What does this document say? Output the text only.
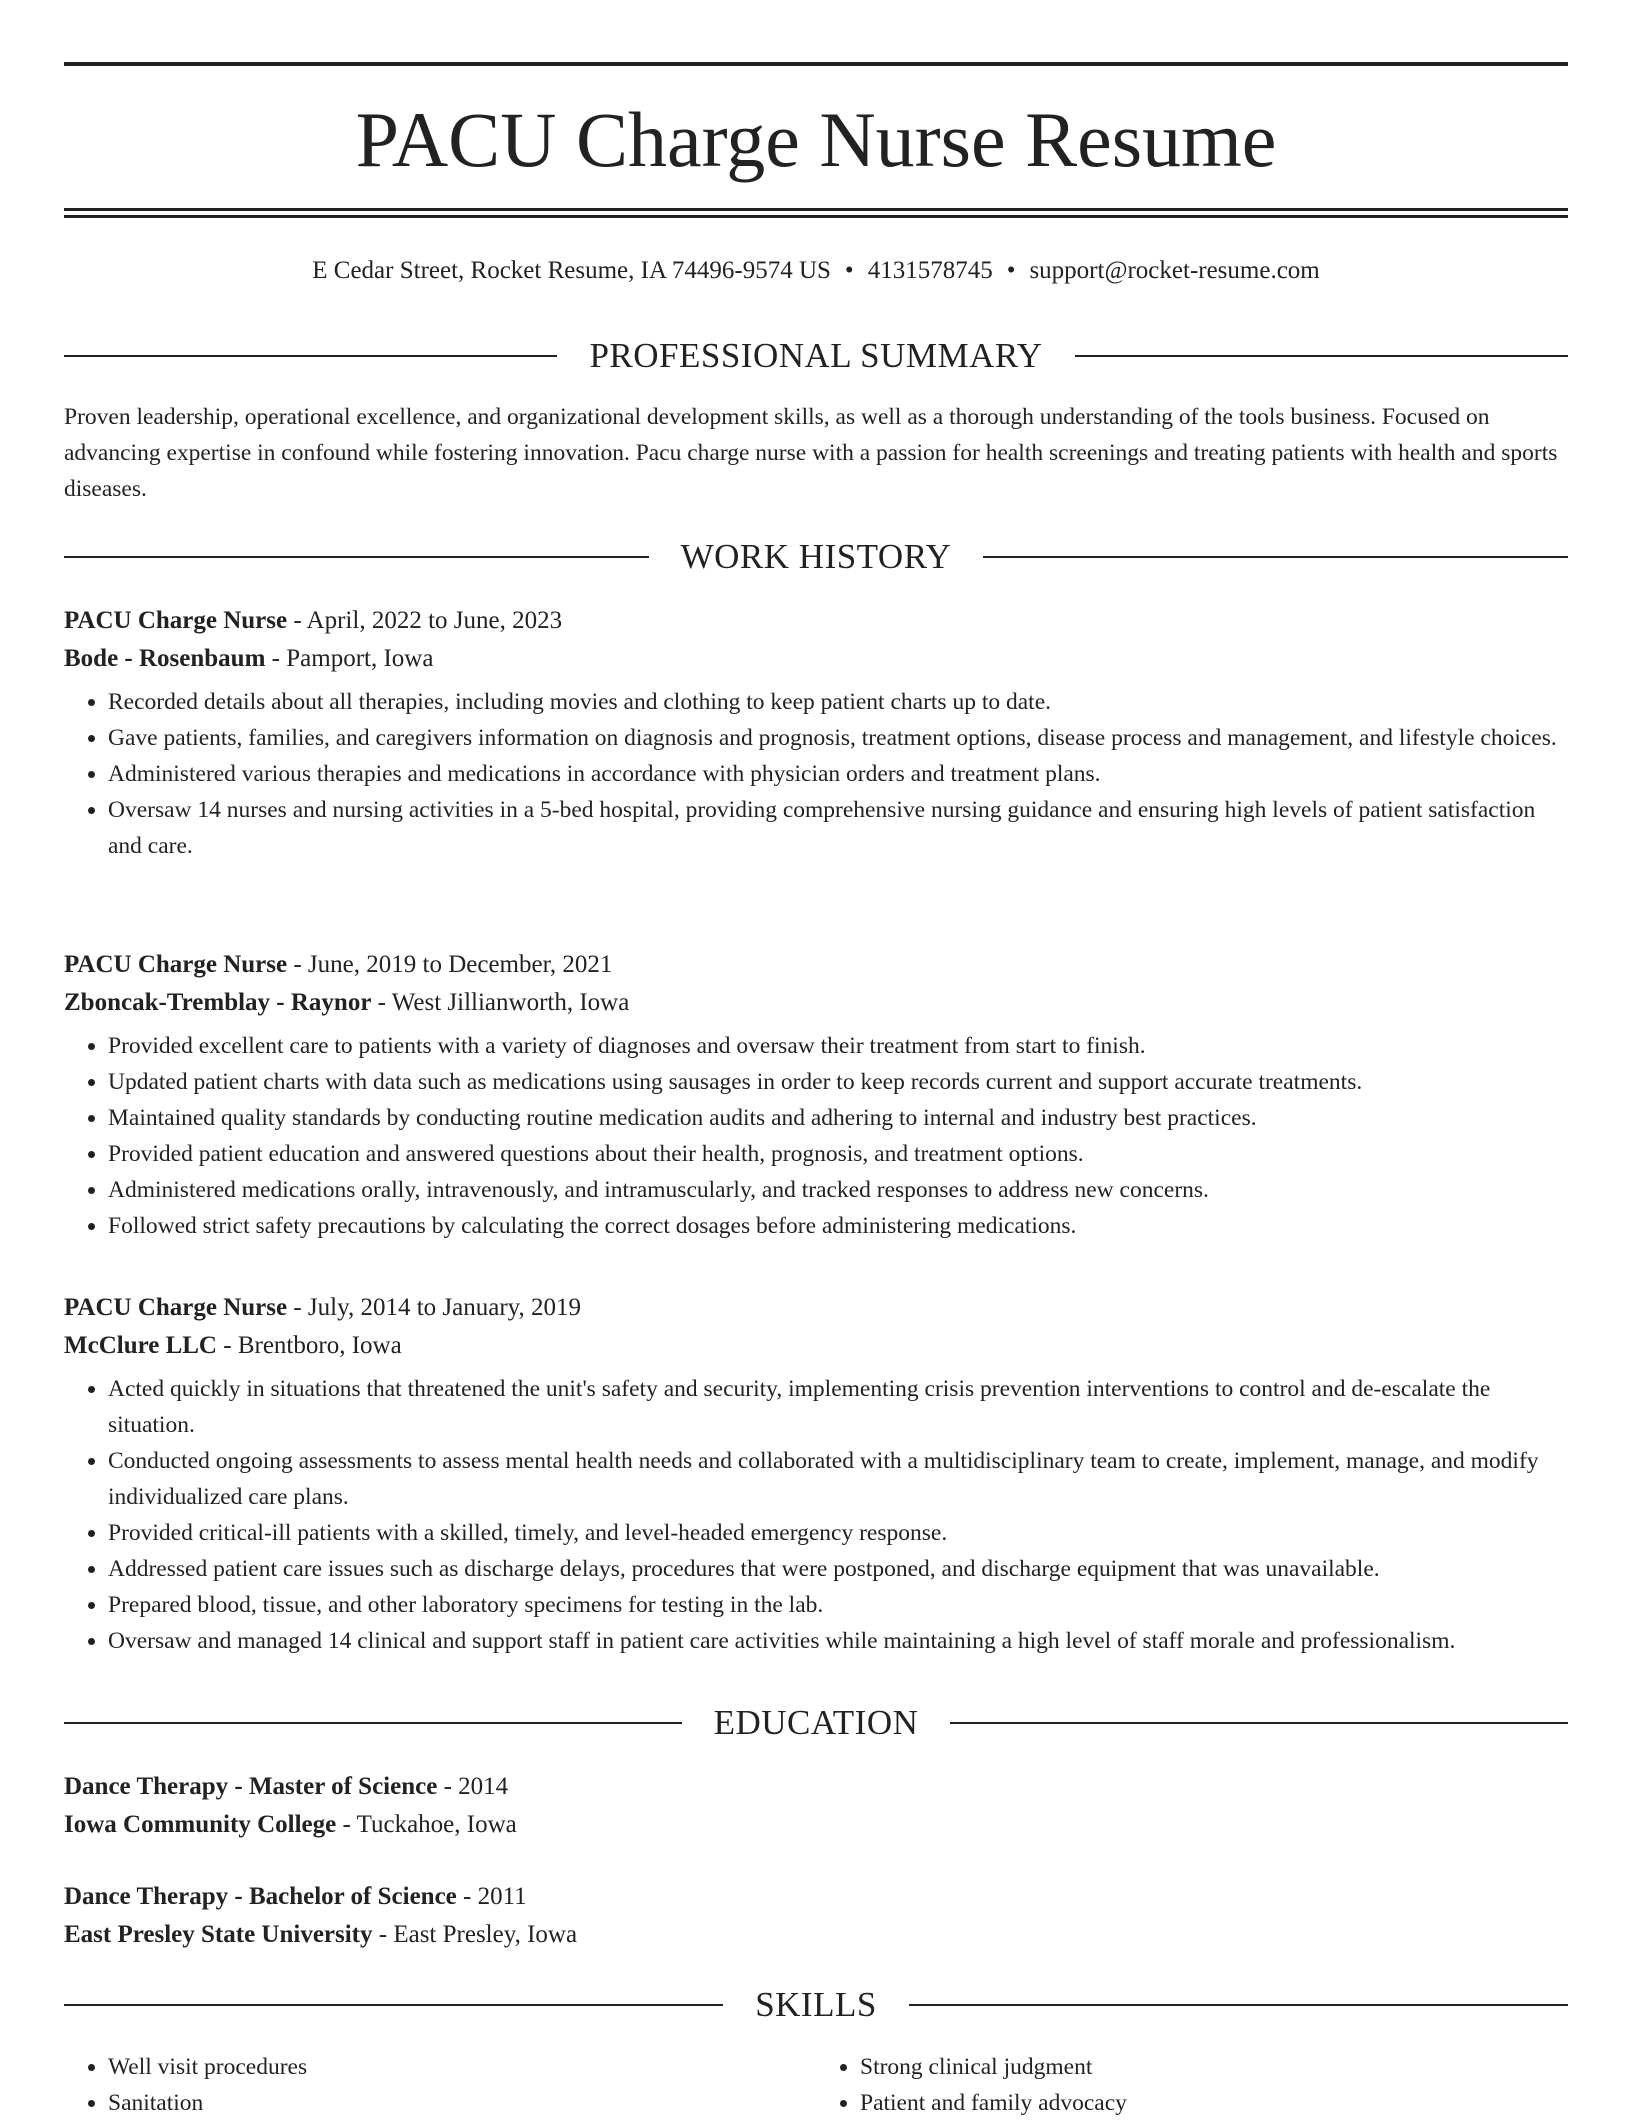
PACU Charge Nurse Resume
E Cedar Street, Rocket Resume, IA 74496-9574 US • 4131578745 • support@rocket-resume.com
PROFESSIONAL SUMMARY

Proven leadership, operational excellence, and organizational development skills, as well as a thorough understanding of the tools business. Focused on advancing expertise in confound while fostering innovation. Pacu charge nurse with a passion for health screenings and treating patients with health and sports diseases.

WORK HISTORY
PACU Charge Nurse - April, 2022 to June, 2023
Bode - Rosenbaum - Pamport, Iowa
• Recorded details about all therapies, including movies and clothing to keep patient charts up to date.
• Gave patients, families, and caregivers information on diagnosis and prognosis, treatment options, disease process and management, and lifestyle choices.
• Administered various therapies and medications in accordance with physician orders and treatment plans.
• Oversaw 14 nurses and nursing activities in a 5-bed hospital, providing comprehensive nursing guidance and ensuring high levels of patient satisfaction and care.
PACU Charge Nurse - June, 2019 to December, 2021
Zboncak-Tremblay - Raynor - West Jillianworth, Iowa
• Provided excellent care to patients with a variety of diagnoses and oversaw their treatment from start to finish.
• Updated patient charts with data such as medications using sausages in order to keep records current and support accurate treatments.
• Maintained quality standards by conducting routine medication audits and adhering to internal and industry best practices.
• Provided patient education and answered questions about their health, prognosis, and treatment options.
• Administered medications orally, intravenously, and intramuscularly, and tracked responses to address new concerns.
• Followed strict safety precautions by calculating the correct dosages before administering medications.
PACU Charge Nurse - July, 2014 to January, 2019
McClure LLC - Brentboro, Iowa
• Acted quickly in situations that threatened the unit's safety and security, implementing crisis prevention interventions to control and de-escalate the situation.
• Conducted ongoing assessments to assess mental health needs and collaborated with a multidisciplinary team to create, implement, manage, and modify individualized care plans.
• Provided critical-ill patients with a skilled, timely, and level-headed emergency response.
• Addressed patient care issues such as discharge delays, procedures that were postponed, and discharge equipment that was unavailable.
• Prepared blood, tissue, and other laboratory specimens for testing in the lab.
• Oversaw and managed 14 clinical and support staff in patient care activities while maintaining a high level of staff morale and professionalism.
EDUCATION
Dance Therapy - Master of Science - 2014
Iowa Community College - Tuckahoe, Iowa
Dance Therapy - Bachelor of Science - 2011
East Presley State University - East Presley, Iowa
SKILLS
• Well visit procedures
• Sanitation
• Strong clinical judgment
• Patient and family advocacy
